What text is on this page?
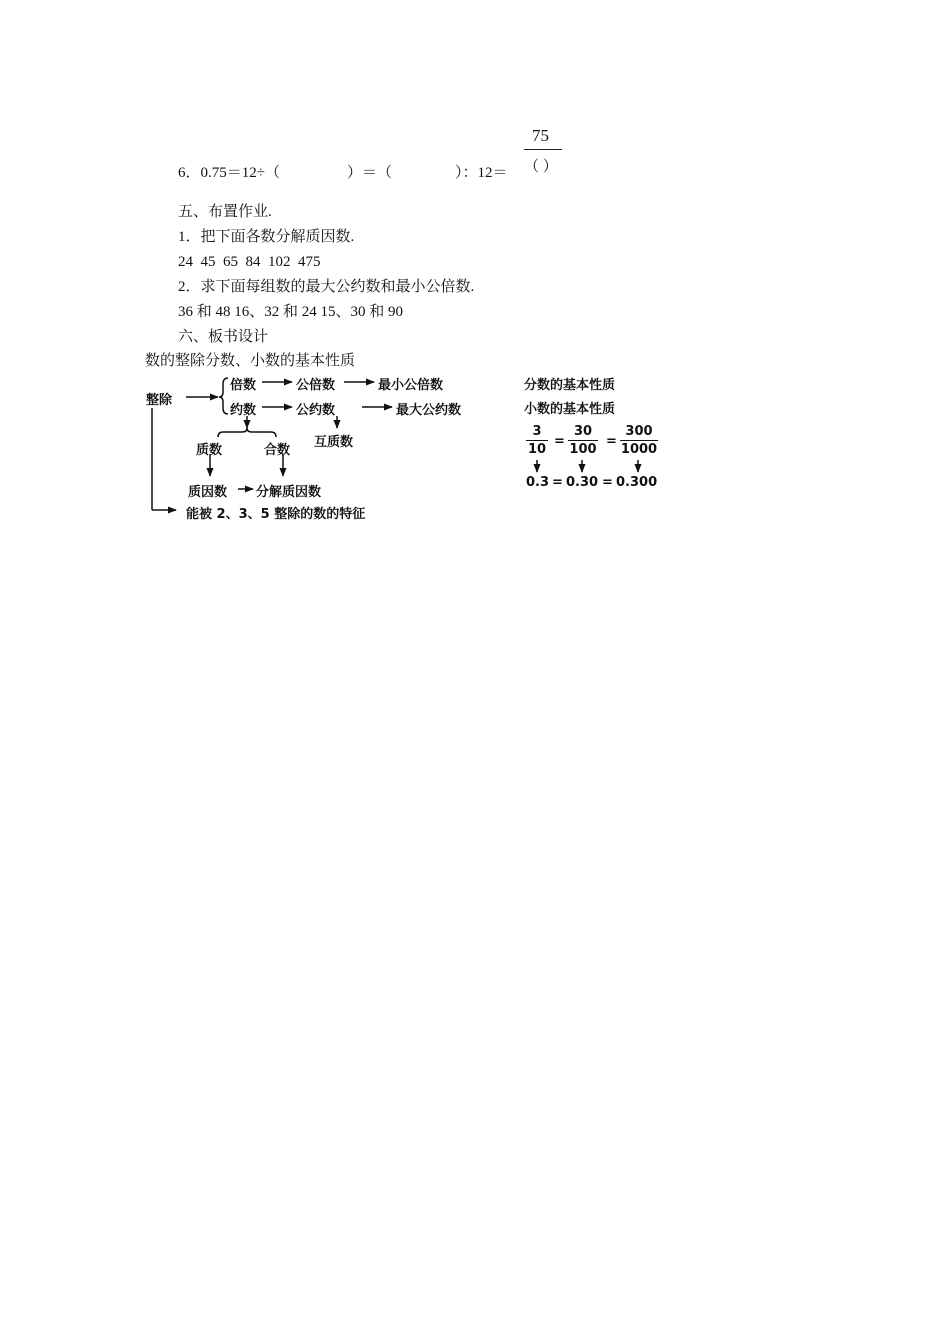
6．0.75＝12÷（	）＝（	）：12＝
75
（ ）
五、布置作业.
1．把下面各数分解质因数.
24  45  65  84  102  475
2．求下面每组数的最大公约数和最小公倍数.
36 和 48 16、32 和 24 15、30 和 90
六、板书设计
数的整除分数、小数的基本性质
整除
倍数	公倍数	最小公倍数
约数	公约数	最大公约数
质数	合数
互质数
质因数 分解质因数
能被 2、3、5 整除的数的特征
分数的基本性质
小数的基本性质
3
10
=
30
100
=
300
1000
0.3 = 0.30 = 0.300
